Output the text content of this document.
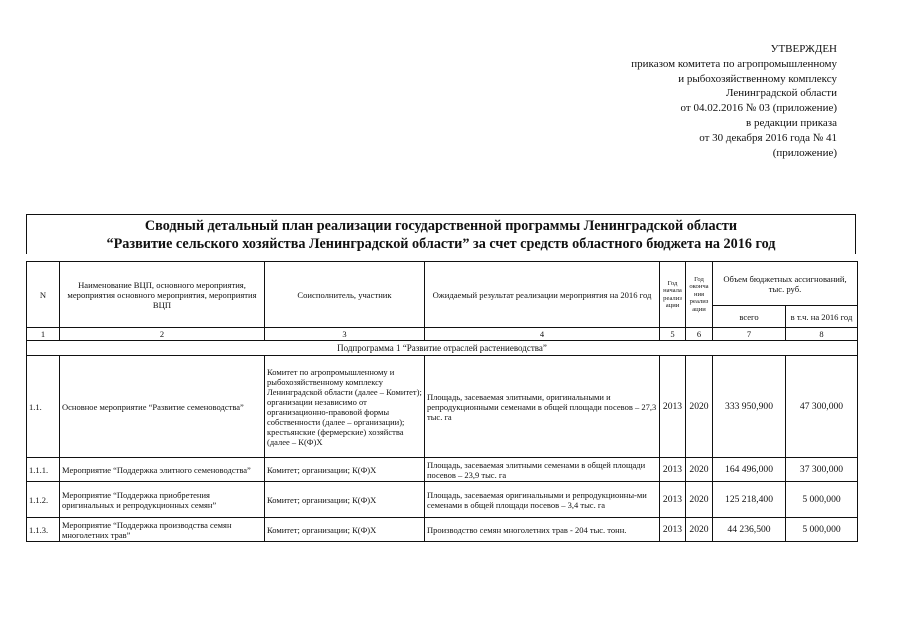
УТВЕРЖДЕН
приказом комитета по агропромышленному
и рыбохозяйственному комплексу
Ленинградской области
от 04.02.2016 № 03 (приложение)
в редакции приказа
от 30 декабря 2016 года № 41
(приложение)
Сводный детальный план реализации государственной программы Ленинградской области
“Развитие сельского хозяйства Ленинградской области” за счет средств областного бюджета на 2016 год
N	Наименование ВЦП, основного мероприятия, мероприятия основного мероприятия, мероприятия ВЦП	Соисполнитель, участник	Ожидаемый результат реализации мероприятия на 2016 год	Год начала реализ ации	Год оконча ния реализ ации	Объем бюджетных ассигнований, тыс. руб.	
						всего	в т.ч. на 2016 год
1	2	3	4	5	6	7	8
Подпрограмма 1 “Развитие отраслей растениеводства”							
1.1.	Основное мероприятие “Развитие семеноводства”	Комитет по агропромышленному и рыбохозяйственному комплексу Ленинградской области (далее – Комитет); организации независимо от организационно-правовой формы собственности (далее – организации); крестьянские (фермерские) хозяйства (далее – К(Ф)Х	Площадь, засеваемая элитными, оригинальными и репродукционными семенами в общей площади посевов – 27,3 тыс. га	2013	2020	333 950,900	47 300,000
1.1.1.	Мероприятие “Поддержка элитного семеноводства”	Комитет; организации; К(Ф)Х	Площадь, засеваемая элитными семенами в общей площади посевов – 23,9 тыс. га	2013	2020	164 496,000	37 300,000
1.1.2.	Мероприятие “Поддержка приобретения оригинальных и репродукционных семян”	Комитет; организации; К(Ф)Х	Площадь, засеваемая оригинальными и репродукционны-ми семенами в общей площади посевов – 3,4 тыс. га	2013	2020	125 218,400	5 000,000
1.1.3.	Мероприятие “Поддержка производства семян многолетних трав”	Комитет; организации; К(Ф)Х	Производство семян многолетних трав - 204 тыс. тонн.	2013	2020	44 236,500	5 000,000
